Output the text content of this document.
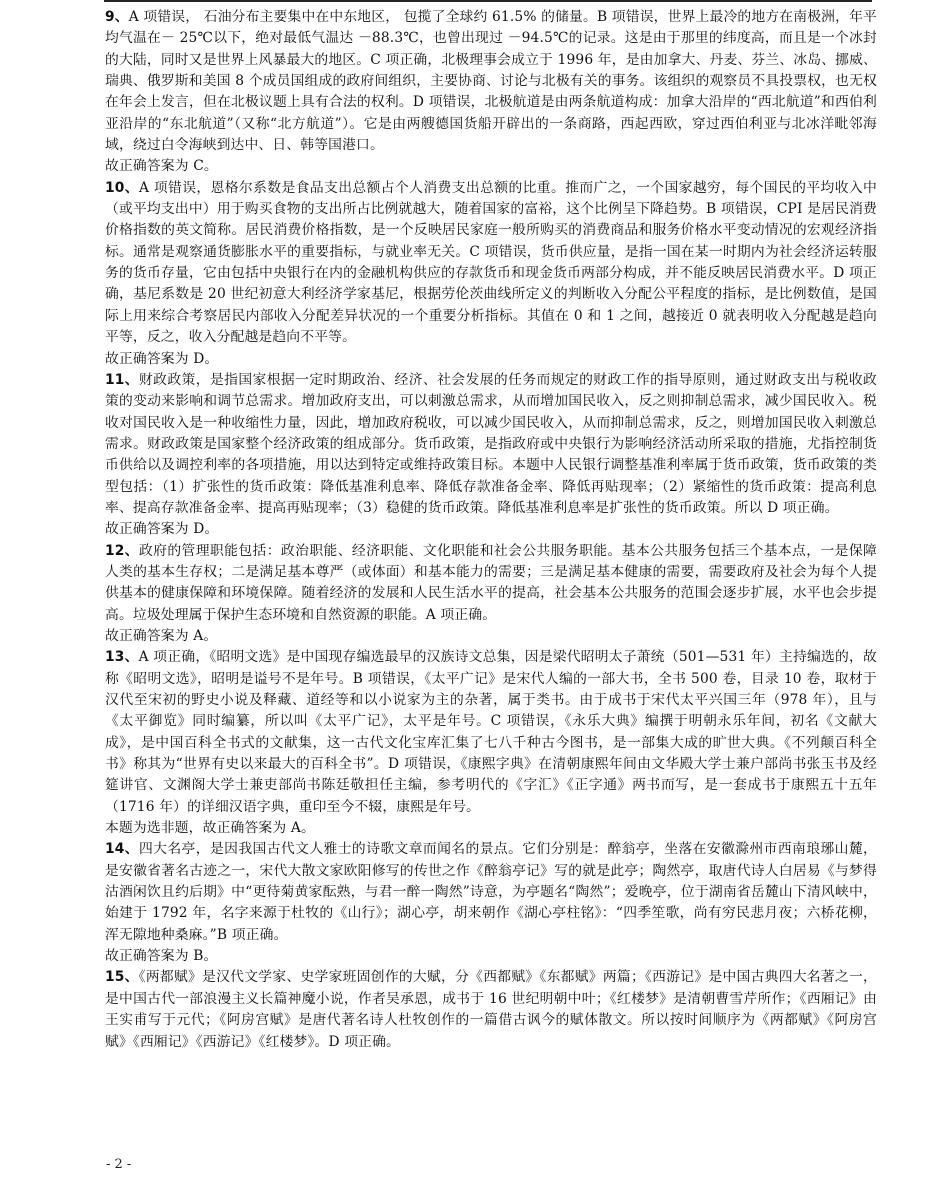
9、A 项错误， 石油分布主要集中在中东地区， 包揽了全球约 61.5% 的储量。B 项错误，世界上最冷的地方在南极洲，年平均气温在－ 25℃以下，绝对最低气温达 －88.3℃，也曾出现过 －94.5℃的记录。这是由于那里的纬度高，而且是一个冰封的大陆，同时又是世界上风暴最大的地区。C 项正确，北极理事会成立于 1996 年，是由加拿大、丹麦、芬兰、冰岛、挪威、瑞典、俄罗斯和美国 8 个成员国组成的政府间组织，主要协商、讨论与北极有关的事务。该组织的观察员不具投票权，也无权在年会上发言，但在北极议题上具有合法的权利。D 项错误，北极航道是由两条航道构成：加拿大沿岸的“西北航道”和西伯利亚沿岸的“东北航道”（又称“北方航道”）。它是由两艘德国货船开辟出的一条商路，西起西欧，穿过西伯利亚与北冰洋毗邻海域，绕过白令海峡到达中、日、韩等国港口。

故正确答案为 C。

10、A 项错误，恩格尔系数是食品支出总额占个人消费支出总额的比重。推而广之，一个国家越穷，每个国民的平均收入中（或平均支出中）用于购买食物的支出所占比例就越大，随着国家的富裕，这个比例呈下降趋势。B 项错误，CPI 是居民消费价格指数的英文简称。居民消费价格指数，是一个反映居民家庭一般所购买的消费商品和服务价格水平变动情况的宏观经济指标。通常是观察通货膨胀水平的重要指标，与就业率无关。C 项错误，货币供应量，是指一国在某一时期内为社会经济运转服务的货币存量，它由包括中央银行在内的金融机构供应的存款货币和现金货币两部分构成，并不能反映居民消费水平。D 项正确，基尼系数是 20 世纪初意大利经济学家基尼，根据劳伦茨曲线所定义的判断收入分配公平程度的指标，是比例数值，是国际上用来综合考察居民内部收入分配差异状况的一个重要分析指标。其值在 0 和 1 之间，越接近 0 就表明收入分配越是趋向平等，反之，收入分配越是趋向不平等。

故正确答案为 D。

11、财政政策，是指国家根据一定时期政治、经济、社会发展的任务而规定的财政工作的指导原则，通过财政支出与税收政策的变动来影响和调节总需求。增加政府支出，可以刺激总需求，从而增加国民收入，反之则抑制总需求，减少国民收入。税收对国民收入是一种收缩性力量，因此，增加政府税收，可以减少国民收入，从而抑制总需求，反之，则增加国民收入刺激总需求。财政政策是国家整个经济政策的组成部分。货币政策，是指政府或中央银行为影响经济活动所采取的措施，尤指控制货币供给以及调控利率的各项措施，用以达到特定或维持政策目标。本题中人民银行调整基准利率属于货币政策，货币政策的类型包括：（1）扩张性的货币政策：降低基准利息率、降低存款准备金率、降低再贴现率；（2）紧缩性的货币政策：提高利息率、提高存款准备金率、提高再贴现率；（3）稳健的货币政策。降低基准利息率是扩张性的货币政策。所以 D 项正确。

故正确答案为 D。

12、政府的管理职能包括：政治职能、经济职能、文化职能和社会公共服务职能。基本公共服务包括三个基本点，一是保障人类的基本生存权；二是满足基本尊严（或体面）和基本能力的需要；三是满足基本健康的需要，需要政府及社会为每个人提供基本的健康保障和环境保障。随着经济的发展和人民生活水平的提高，社会基本公共服务的范围会逐步扩展，水平也会步提高。垃圾处理属于保护生态环境和自然资源的职能。A 项正确。

故正确答案为 A。

13、A 项正确，《昭明文选》是中国现存编选最早的汉族诗文总集，因是梁代昭明太子萧统（501—531 年）主持编选的，故称《昭明文选》，昭明是谥号不是年号。B 项错误，《太平广记》是宋代人编的一部大书，全书 500 卷，目录 10 卷，取材于汉代至宋初的野史小说及释藏、道经等和以小说家为主的杂著，属于类书。由于成书于宋代太平兴国三年（978 年），且与《太平御览》同时编纂，所以叫《太平广记》，太平是年号。C 项错误，《永乐大典》编撰于明朝永乐年间，初名《文献大成》，是中国百科全书式的文献集，这一古代文化宝库汇集了七八千种古今图书，是一部集大成的旷世大典。《不列颠百科全书》称其为“世界有史以来最大的百科全书”。D 项错误，《康熙字典》在清朝康熙年间由文华殿大学士兼户部尚书张玉书及经筵讲官、文渊阁大学士兼吏部尚书陈廷敬担任主编，参考明代的《字汇》《正字通》两书而写，是一套成书于康熙五十五年（1716 年）的详细汉语字典，重印至今不辍，康熙是年号。

本题为选非题，故正确答案为 A。

14、四大名亭，是因我国古代文人雅士的诗歌文章而闻名的景点。它们分别是：醉翁亭，坐落在安徽滁州市西南琅琊山麓，是安徽省著名古迹之一，宋代大散文家欧阳修写的传世之作《醉翁亭记》写的就是此亭；陶然亭，取唐代诗人白居易《与梦得沽酒闲饮且约后期》中“更待菊黄家酝熟，与君一醉一陶然”诗意，为亭题名“陶然”；爱晚亭，位于湖南省岳麓山下清风峡中，始建于 1792 年，名字来源于杜牧的《山行》；湖心亭，胡来朝作《湖心亭柱铭》：“四季笙歌，尚有穷民悲月夜；六桥花柳，浑无隙地种桑麻。”B 项正确。

故正确答案为 B。

15、《两都赋》是汉代文学家、史学家班固创作的大赋，分《西都赋》《东都赋》两篇；《西游记》是中国古典四大名著之一，是中国古代一部浪漫主义长篇神魔小说，作者吴承恩，成书于 16 世纪明朝中叶；《红楼梦》是清朝曹雪芹所作；《西厢记》由王实甫写于元代；《阿房宫赋》是唐代著名诗人杜牧创作的一篇借古讽今的赋体散文。所以按时间顺序为《两都赋》《阿房宫赋》《西厢记》《西游记》《红楼梦》。D 项正确。

- 2 -
